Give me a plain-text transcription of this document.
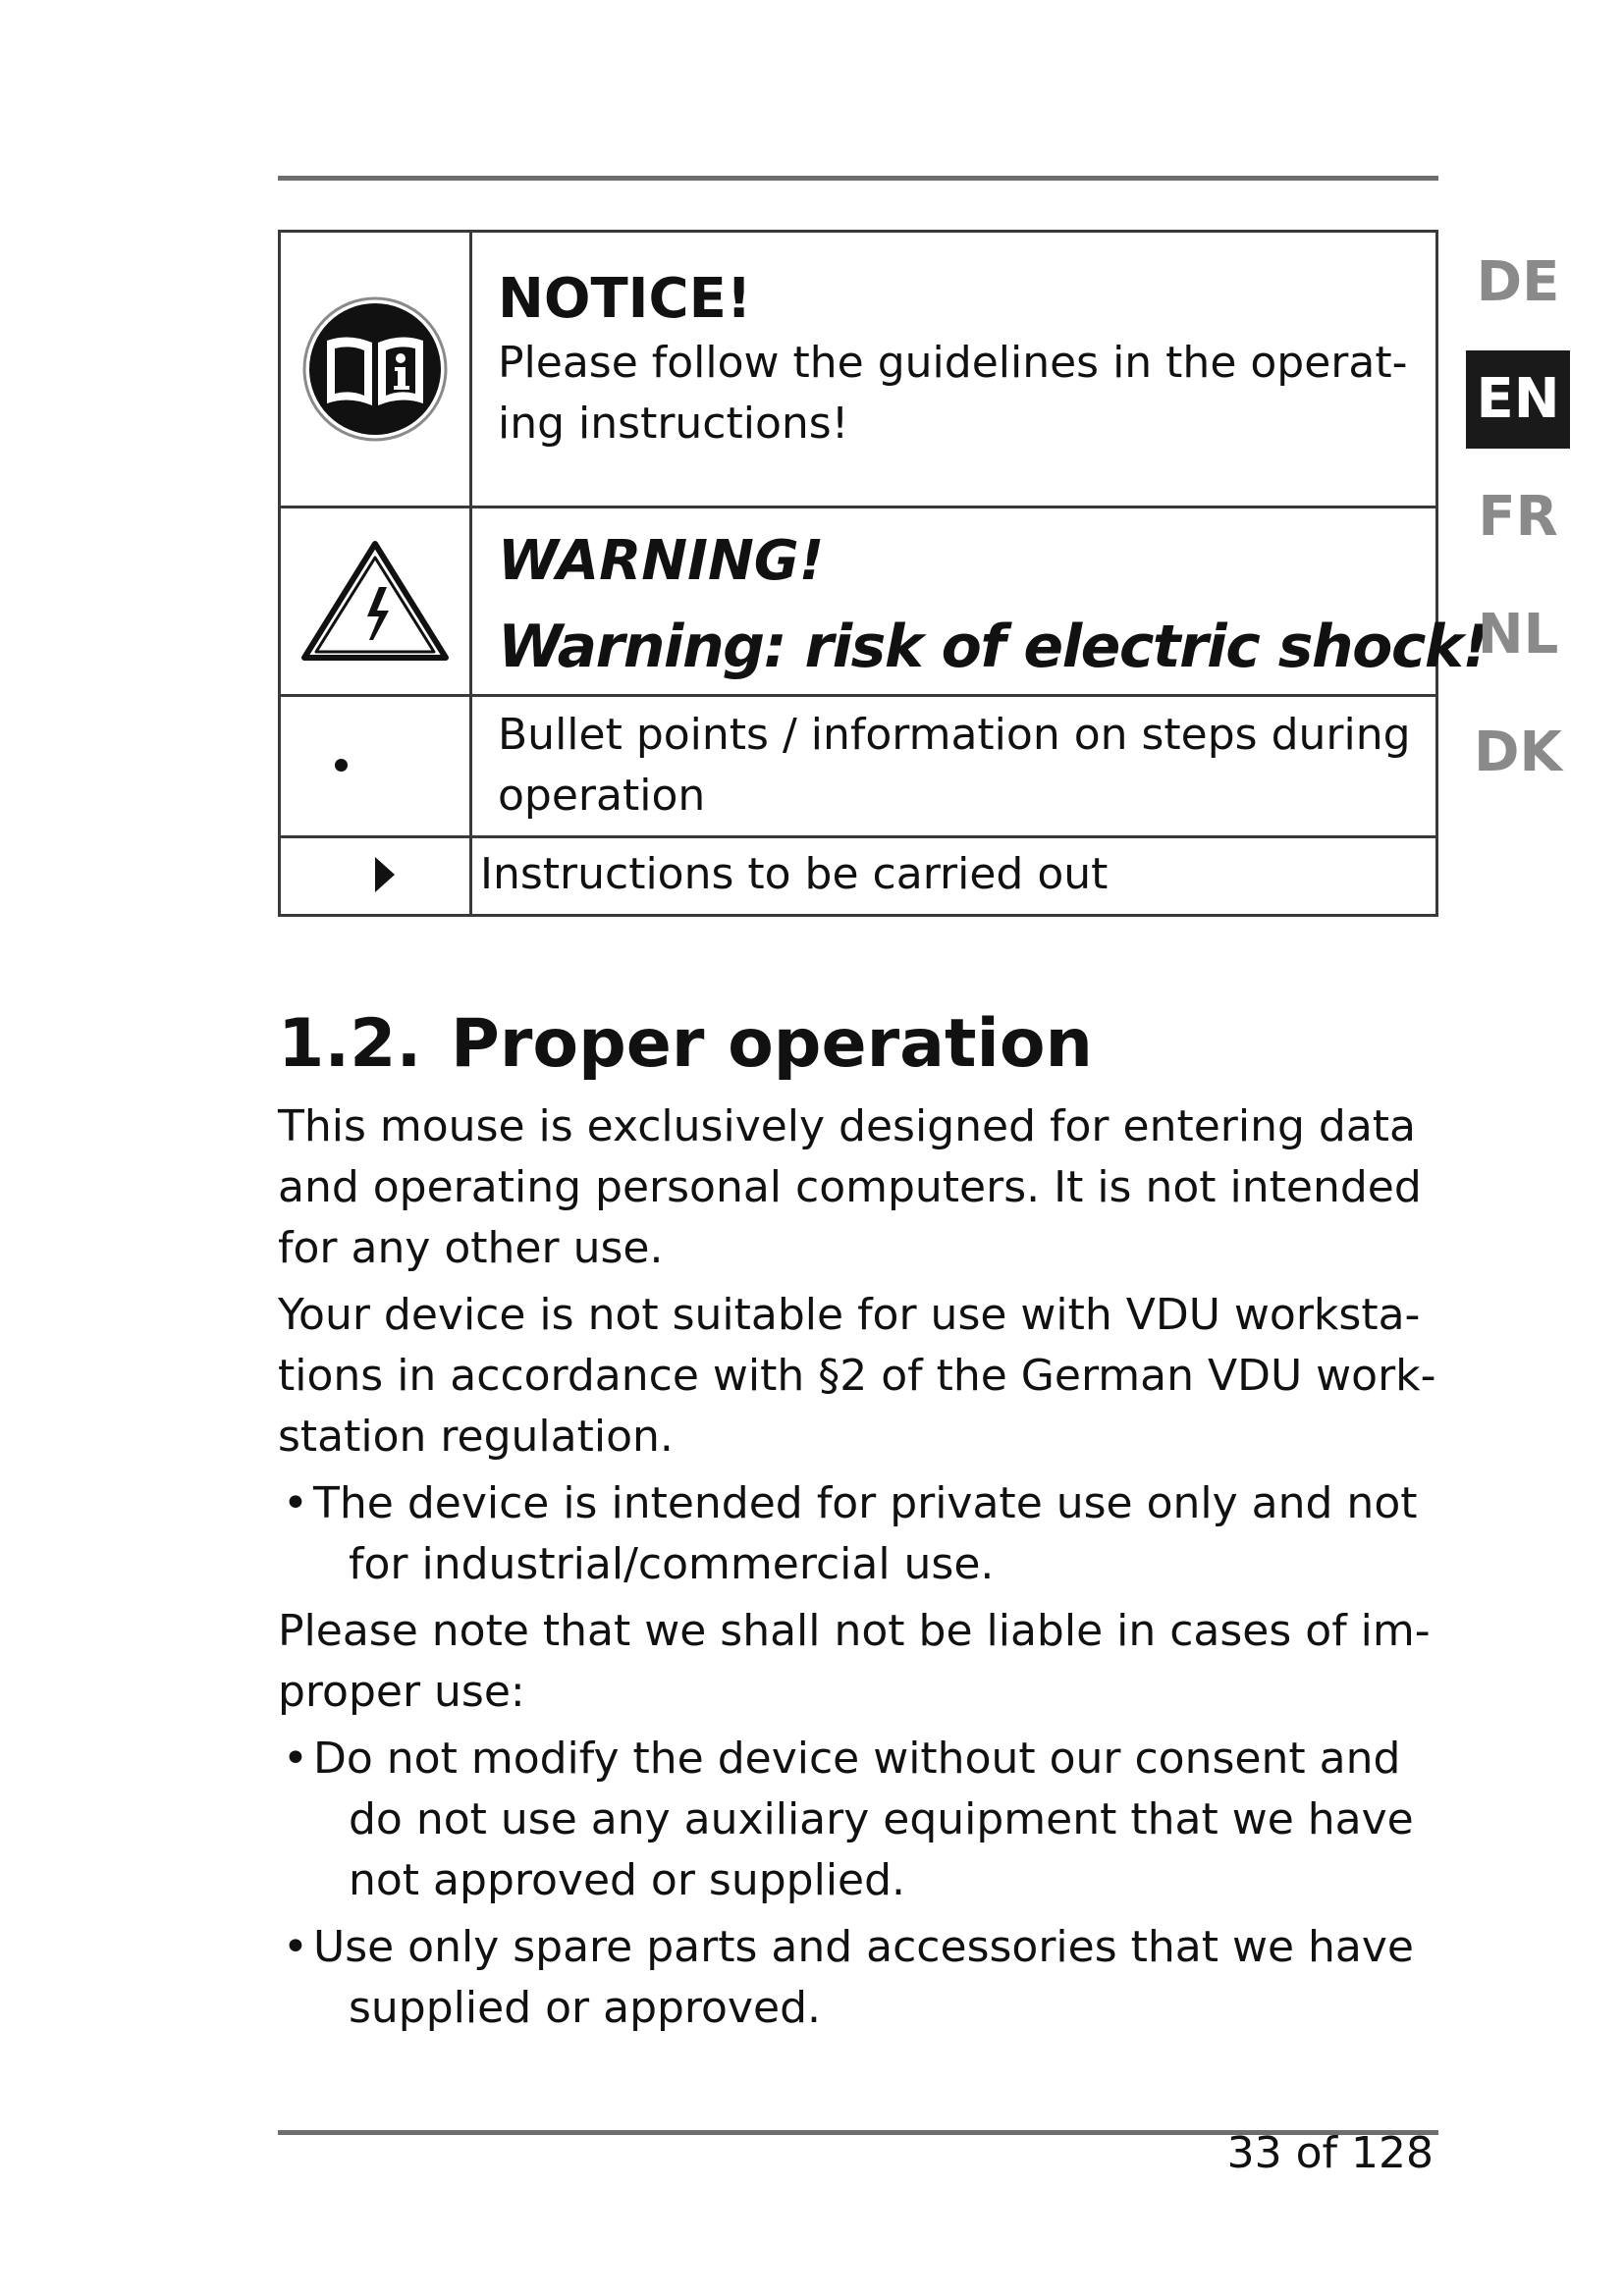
NOTICE!
Please follow the guidelines in the operat- ing instructions!

WARNING!
Warning: risk of electric shock!

	Bullet points / information on steps during operation

	Instructions to be carried out
DE
EN
FR
NL
DK
1.2. Proper operation

This mouse is exclusively designed for entering data and operating personal computers. It is not intended for any other use.

Your device is not suitable for use with VDU worksta- tions in accordance with §2 of the German VDU work- station regulation.

• The device is intended for private use only and not for industrial/commercial use.

Please note that we shall not be liable in cases of im- proper use:

• Do not modify the device without our consent and do not use any auxiliary equipment that we have not approved or supplied.
• Use only spare parts and accessories that we have supplied or approved.
33 of 128
